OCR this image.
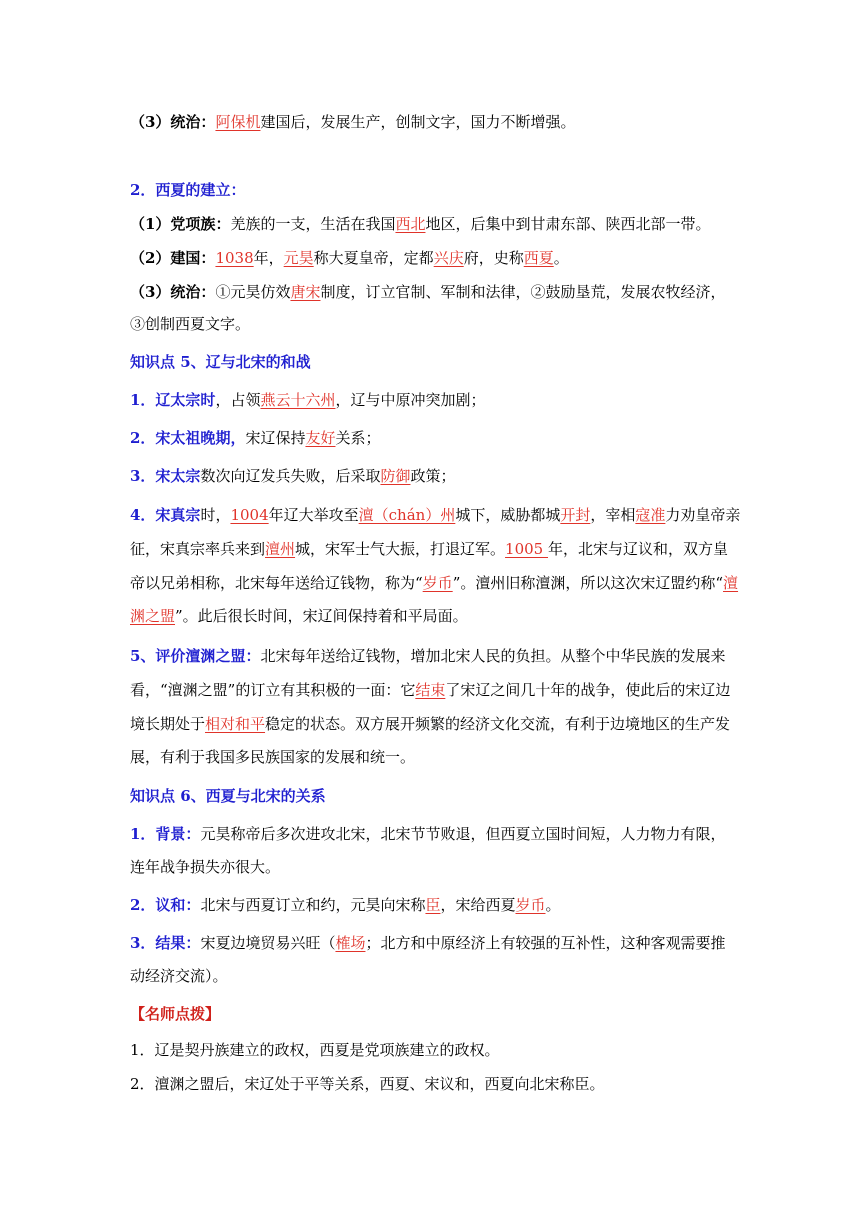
（3）统治：阿保机建国后，发展生产，创制文字，国力不断增强。
2．西夏的建立：
（1）党项族：羌族的一支，生活在我国西北地区，后集中到甘肃东部、陕西北部一带。
（2）建国：1038年，元昊称大夏皇帝，定都兴庆府，史称西夏。
（3）统治：①元昊仿效唐宋制度，订立官制、军制和法律，②鼓励垦荒，发展农牧经济，
③创制西夏文字。
知识点 5、辽与北宋的和战
1．辽太宗时，占领燕云十六州，辽与中原冲突加剧；
2．宋太祖晚期，宋辽保持友好关系；
3．宋太宗数次向辽发兵失败，后采取防御政策；
4．宋真宗时，1004年辽大举攻至澶（chán）州城下，威胁都城开封，宰相寇准力劝皇帝亲
征，宋真宗率兵来到澶州城，宋军士气大振，打退辽军。1005 年，北宋与辽议和，双方皇
帝以兄弟相称，北宋每年送给辽钱物，称为“岁币”。澶州旧称澶渊，所以这次宋辽盟约称“澶
渊之盟”。此后很长时间，宋辽间保持着和平局面。
5、评价澶渊之盟：北宋每年送给辽钱物，增加北宋人民的负担。从整个中华民族的发展来
看，“澶渊之盟”的订立有其积极的一面：它结束了宋辽之间几十年的战争，使此后的宋辽边
境长期处于相对和平稳定的状态。双方展开频繁的经济文化交流，有利于边境地区的生产发
展，有利于我国多民族国家的发展和统一。
知识点 6、西夏与北宋的关系
1．背景：元昊称帝后多次进攻北宋，北宋节节败退，但西夏立国时间短，人力物力有限，
连年战争损失亦很大。
2．议和：北宋与西夏订立和约，元昊向宋称臣，宋给西夏岁币。
3．结果：宋夏边境贸易兴旺（榷场；北方和中原经济上有较强的互补性，这种客观需要推
动经济交流）。
【名师点拨】
1．辽是契丹族建立的政权，西夏是党项族建立的政权。
2．澶渊之盟后，宋辽处于平等关系，西夏、宋议和，西夏向北宋称臣。
